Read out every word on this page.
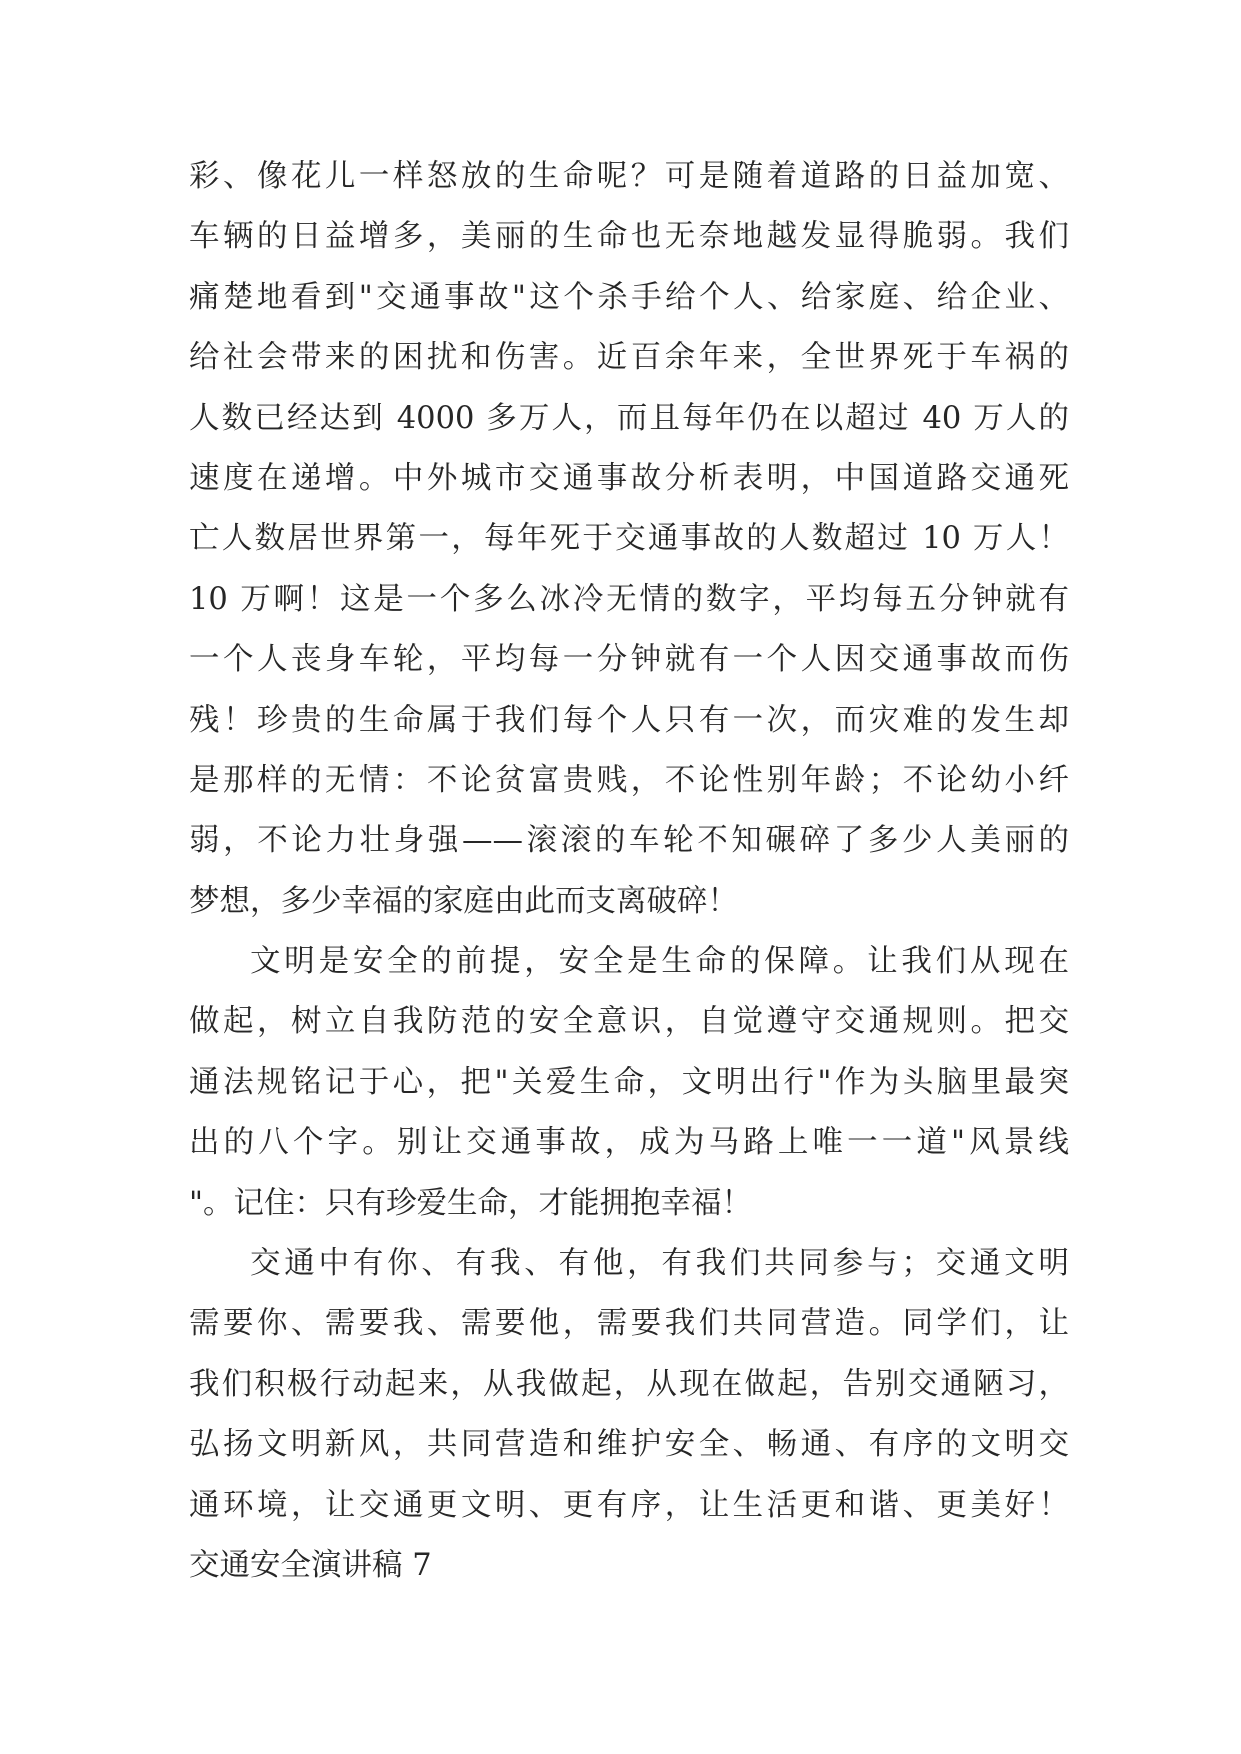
彩、像花儿一样怒放的生命呢？可是随着道路的日益加宽、
车辆的日益增多，美丽的生命也无奈地越发显得脆弱。我们
痛楚地看到"交通事故"这个杀手给个人、给家庭、给企业、
给社会带来的困扰和伤害。近百余年来，全世界死于车祸的
人数已经达到 4000 多万人，而且每年仍在以超过 40 万人的
速度在递增。中外城市交通事故分析表明，中国道路交通死
亡人数居世界第一，每年死于交通事故的人数超过 10 万人！
10 万啊！这是一个多么冰冷无情的数字，平均每五分钟就有
一个人丧身车轮，平均每一分钟就有一个人因交通事故而伤
残！珍贵的生命属于我们每个人只有一次，而灾难的发生却
是那样的无情：不论贫富贵贱，不论性别年龄；不论幼小纤
弱，不论力壮身强——滚滚的车轮不知碾碎了多少人美丽的
梦想，多少幸福的家庭由此而支离破碎！
文明是安全的前提，安全是生命的保障。让我们从现在
做起，树立自我防范的安全意识，自觉遵守交通规则。把交
通法规铭记于心，把"关爱生命，文明出行"作为头脑里最突
出的八个字。别让交通事故，成为马路上唯一一道"风景线
"。记住：只有珍爱生命，才能拥抱幸福！
交通中有你、有我、有他，有我们共同参与；交通文明
需要你、需要我、需要他，需要我们共同营造。同学们，让
我们积极行动起来，从我做起，从现在做起，告别交通陋习，
弘扬文明新风，共同营造和维护安全、畅通、有序的文明交
通环境，让交通更文明、更有序，让生活更和谐、更美好！
交通安全演讲稿 7
